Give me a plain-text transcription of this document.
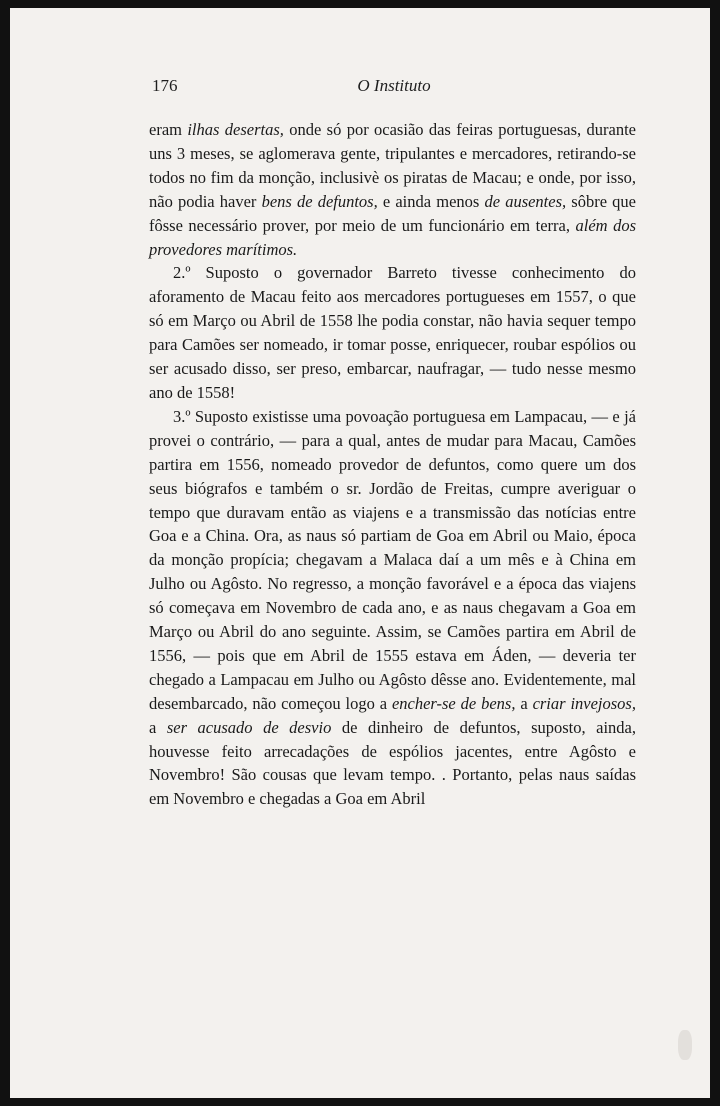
176	O Instituto

eram ilhas desertas, onde só por ocasião das feiras portuguesas, durante uns 3 meses, se aglomerava gente, tripulantes e mercadores, retirando-se todos no fim da monção, inclusivè os piratas de Macau; e onde, por isso, não podia haver bens de defuntos, e ainda menos de ausentes, sôbre que fôsse necessário prover, por meio de um funcionário em terra, além dos provedores marítimos.

2.º Suposto o governador Barreto tivesse conhecimento do aforamento de Macau feito aos mercadores portugueses em 1557, o que só em Março ou Abril de 1558 lhe podia constar, não havia sequer tempo para Camões ser nomeado, ir tomar posse, enriquecer, roubar espólios ou ser acusado disso, ser preso, embarcar, naufragar, — tudo nesse mesmo ano de 1558!

3.º Suposto existisse uma povoação portuguesa em Lampacau, — e já provei o contrário, — para a qual, antes de mudar para Macau, Camões partira em 1556, nomeado provedor de defuntos, como quere um dos seus biógrafos e também o sr. Jordão de Freitas, cumpre averiguar o tempo que duravam então as viajens e a transmissão das notícias entre Goa e a China. Ora, as naus só partiam de Goa em Abril ou Maio, época da monção propícia; chegavam a Malaca daí a um mês e à China em Julho ou Agôsto. No regresso, a monção favorável e a época das viajens só começava em Novembro de cada ano, e as naus chegavam a Goa em Março ou Abril do ano seguinte. Assim, se Camões partira em Abril de 1556, — pois que em Abril de 1555 estava em Áden, — deveria ter chegado a Lampacau em Julho ou Agôsto dêsse ano. Evidentemente, mal desembarcado, não começou logo a encher-se de bens, a criar invejosos, a ser acusado de desvio de dinheiro de defuntos, suposto, ainda, houvesse feito arrecadações de espólios jacentes, entre Agôsto e Novembro! São cousas que levam tempo. . Portanto, pelas naus saídas em Novembro e chegadas a Goa em Abril
